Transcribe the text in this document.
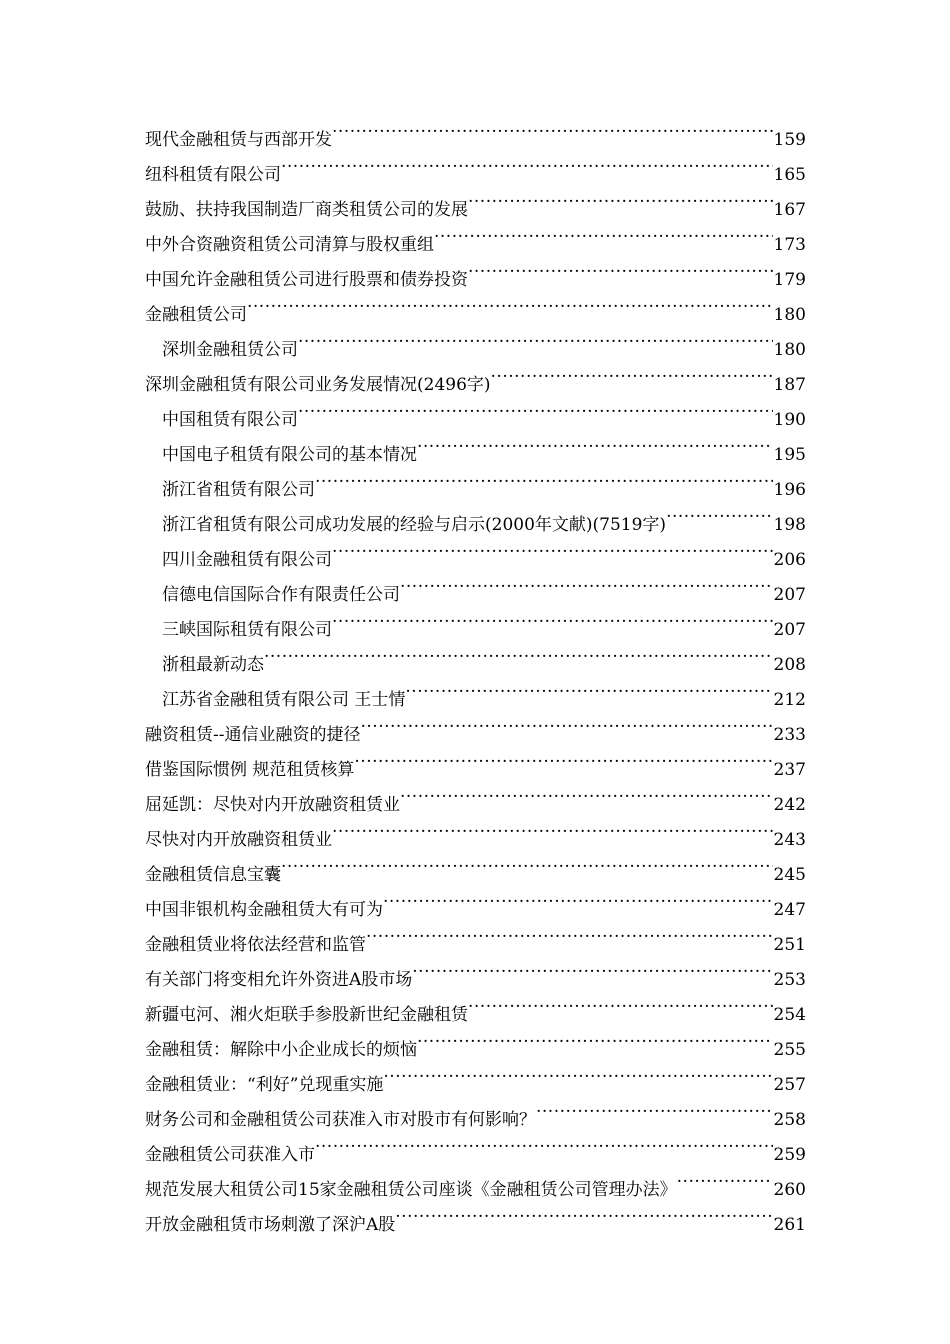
现代金融租赁与西部开发 .....	159
纽科租赁有限公司 .....	165
鼓励、扶持我国制造厂商类租赁公司的发展 .....	167
中外合资融资租赁公司清算与股权重组 .....	173
中国允许金融租赁公司进行股票和债券投资 .....	179
金融租赁公司 .....	180
深圳金融租赁公司 .....	180
深圳金融租赁有限公司业务发展情况(2496字) .....	187
中国租赁有限公司 .....	190
中国电子租赁有限公司的基本情况 .....	195
浙江省租赁有限公司 .....	196
浙江省租赁有限公司成功发展的经验与启示(2000年文献)(7519字) .....	198
四川金融租赁有限公司 .....	206
信德电信国际合作有限责任公司 .....	207
三峡国际租赁有限公司 .....	207
浙租最新动态 .....	208
江苏省金融租赁有限公司 王士情 .....	212
融资租赁--通信业融资的捷径 .....	233
借鉴国际惯例 规范租赁核算 .....	237
屈延凯：尽快对内开放融资租赁业 .....	242
尽快对内开放融资租赁业 .....	243
金融租赁信息宝囊 .....	245
中国非银机构金融租赁大有可为 .....	247
金融租赁业将依法经营和监管 .....	251
有关部门将变相允许外资进A股市场 .....	253
新疆屯河、湘火炬联手参股新世纪金融租赁 .....	254
金融租赁：解除中小企业成长的烦恼 .....	255
金融租赁业：“利好”兑现重实施 .....	257
财务公司和金融租赁公司获准入市对股市有何影响？ .....	258
金融租赁公司获准入市 .....	259
规范发展大租赁公司15家金融租赁公司座谈《金融租赁公司管理办法》 .....	260
开放金融租赁市场刺激了深沪A股 .....	261
